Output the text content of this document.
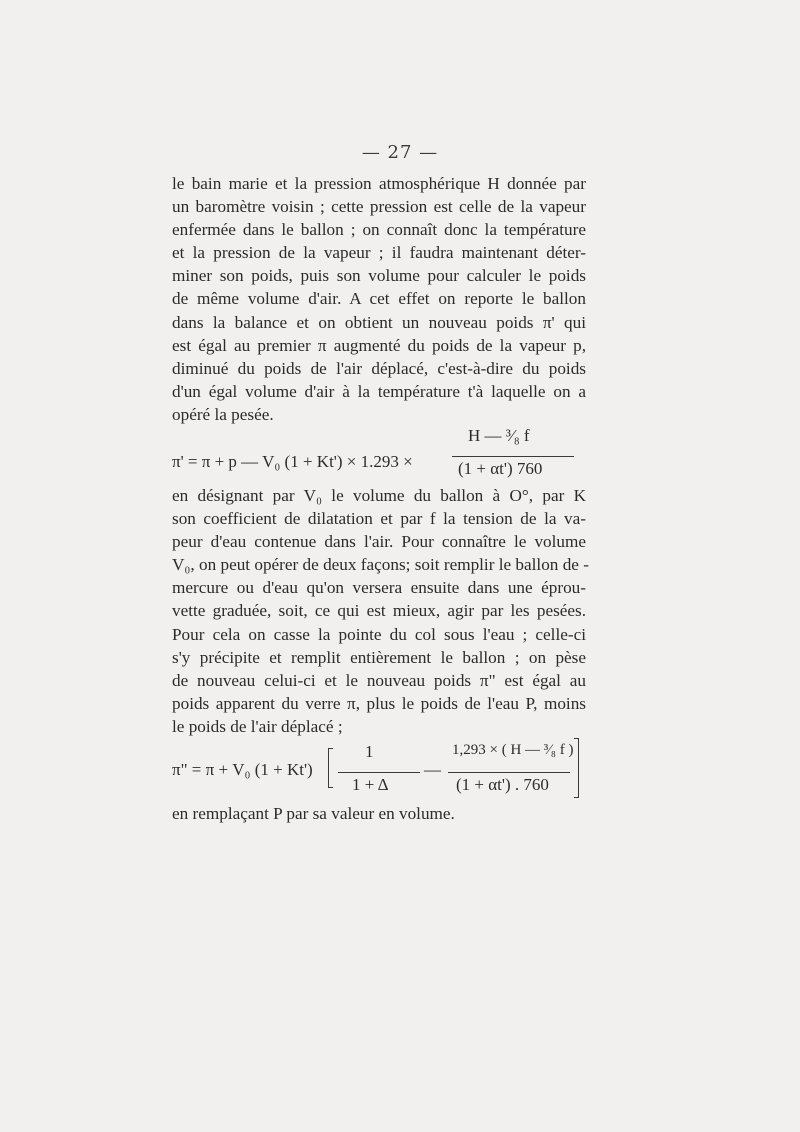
— 27 —
le bain marie et la pression atmosphérique H donnée par
un baromètre voisin ; cette pression est celle de la vapeur
enfermée dans le ballon ; on connaît donc la température
et la pression de la vapeur ; il faudra maintenant déter-
miner son poids, puis son volume pour calculer le poids
de même volume d'air. A cet effet on reporte le ballon
dans la balance et on obtient un nouveau poids π' qui
est égal au premier π augmenté du poids de la vapeur p,
diminué du poids de l'air déplacé, c'est-à-dire du poids
d'un égal volume d'air à la température t'à laquelle on a
opéré la pesée.
π' = π + p — V₀ (1 + Kt') × 1.293 ×
H — ³⁄₈ f
(1 + αt') 760
en désignant par V₀ le volume du ballon à O°, par K
son coefficient de dilatation et par f la tension de la va-
peur d'eau contenue dans l'air. Pour connaître le volume
V₀, on peut opérer de deux façons; soit remplir le ballon de -
mercure ou d'eau qu'on versera ensuite dans une éprou-
vette graduée, soit, ce qui est mieux, agir par les pesées.
Pour cela on casse la pointe du col sous l'eau ; celle-ci
s'y précipite et remplit entièrement le ballon ; on pèse
de nouveau celui-ci et le nouveau poids π" est égal au
poids apparent du verre π, plus le poids de l'eau P, moins
le poids de l'air déplacé ;
π" = π + V₀ (1 + Kt')
1
1 + Δ
—
1,293 × ( H — ³⁄₈ f )
(1 + αt') . 760
en remplaçant P par sa valeur en volume.
